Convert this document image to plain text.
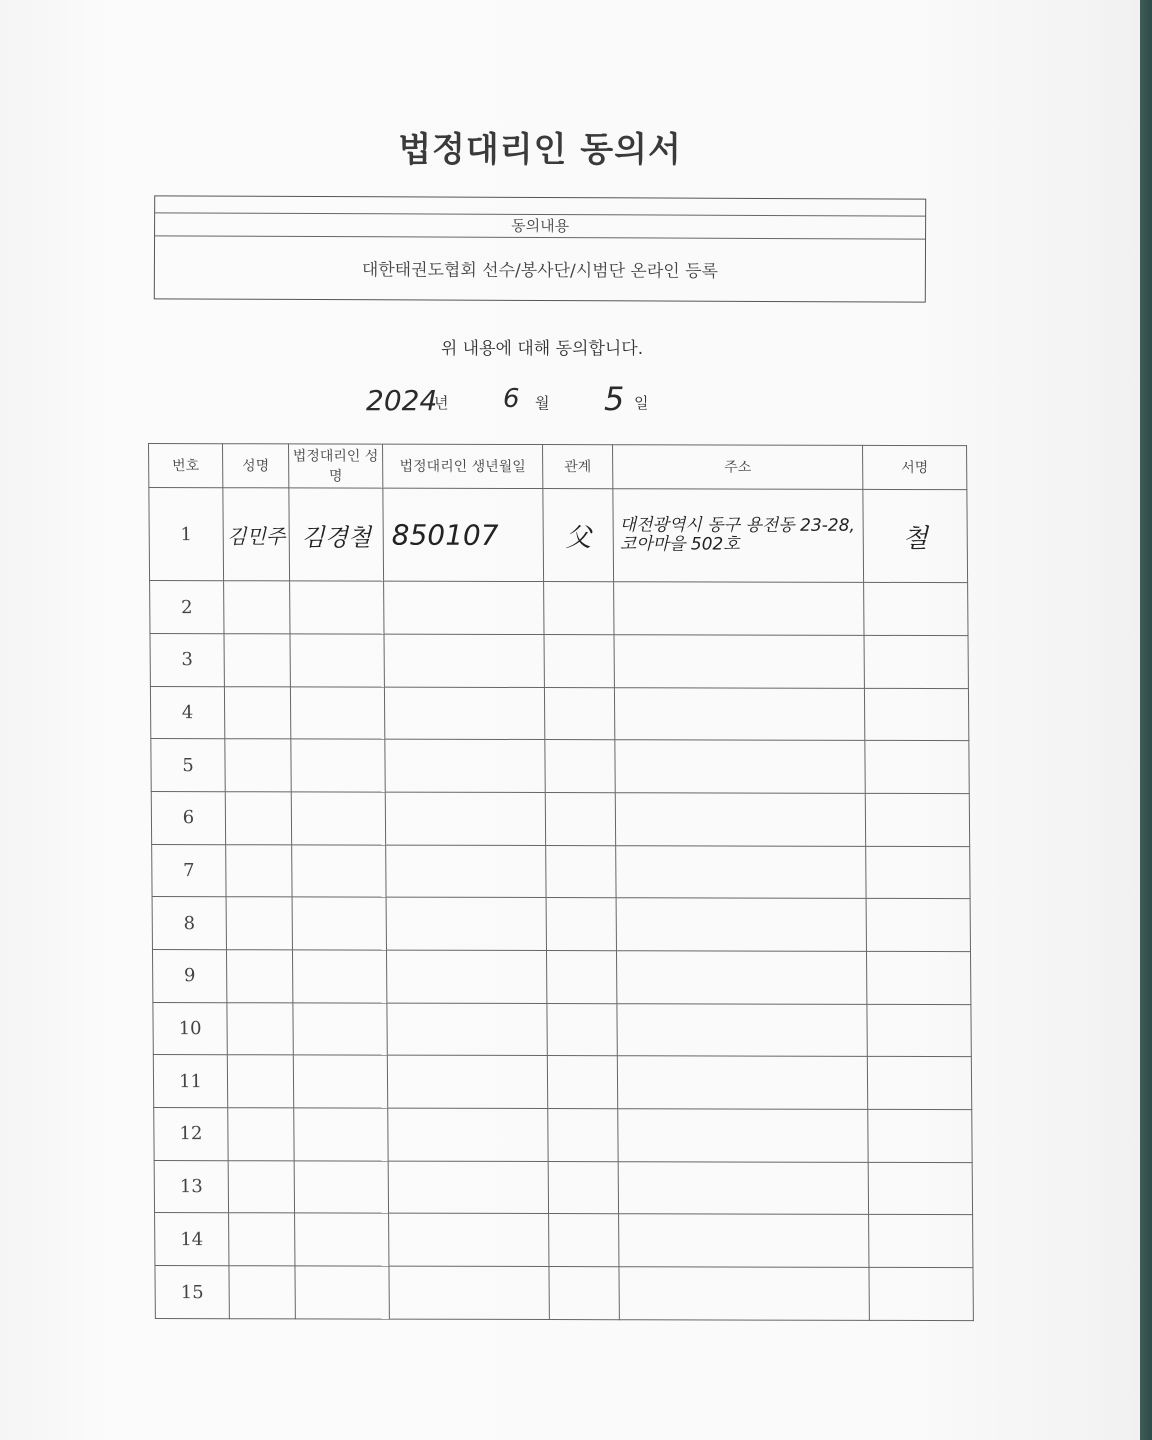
법정대리인 동의서
동의내용
대한태권도협회 선수/봉사단/시범단 온라인 등록
위 내용에 대해 동의합니다.
2024
년 6 월 5 일
번호	성명	법정대리인 성명	법정대리인 생년월일	관계	주소	서명
1	김민주	김경철	850107	父	대전광역시 동구 용전동 23-28, 코아마을 502호	철
2						
3						
4						
5						
6						
7						
8						
9						
10						
11						
12						
13						
14						
15						
